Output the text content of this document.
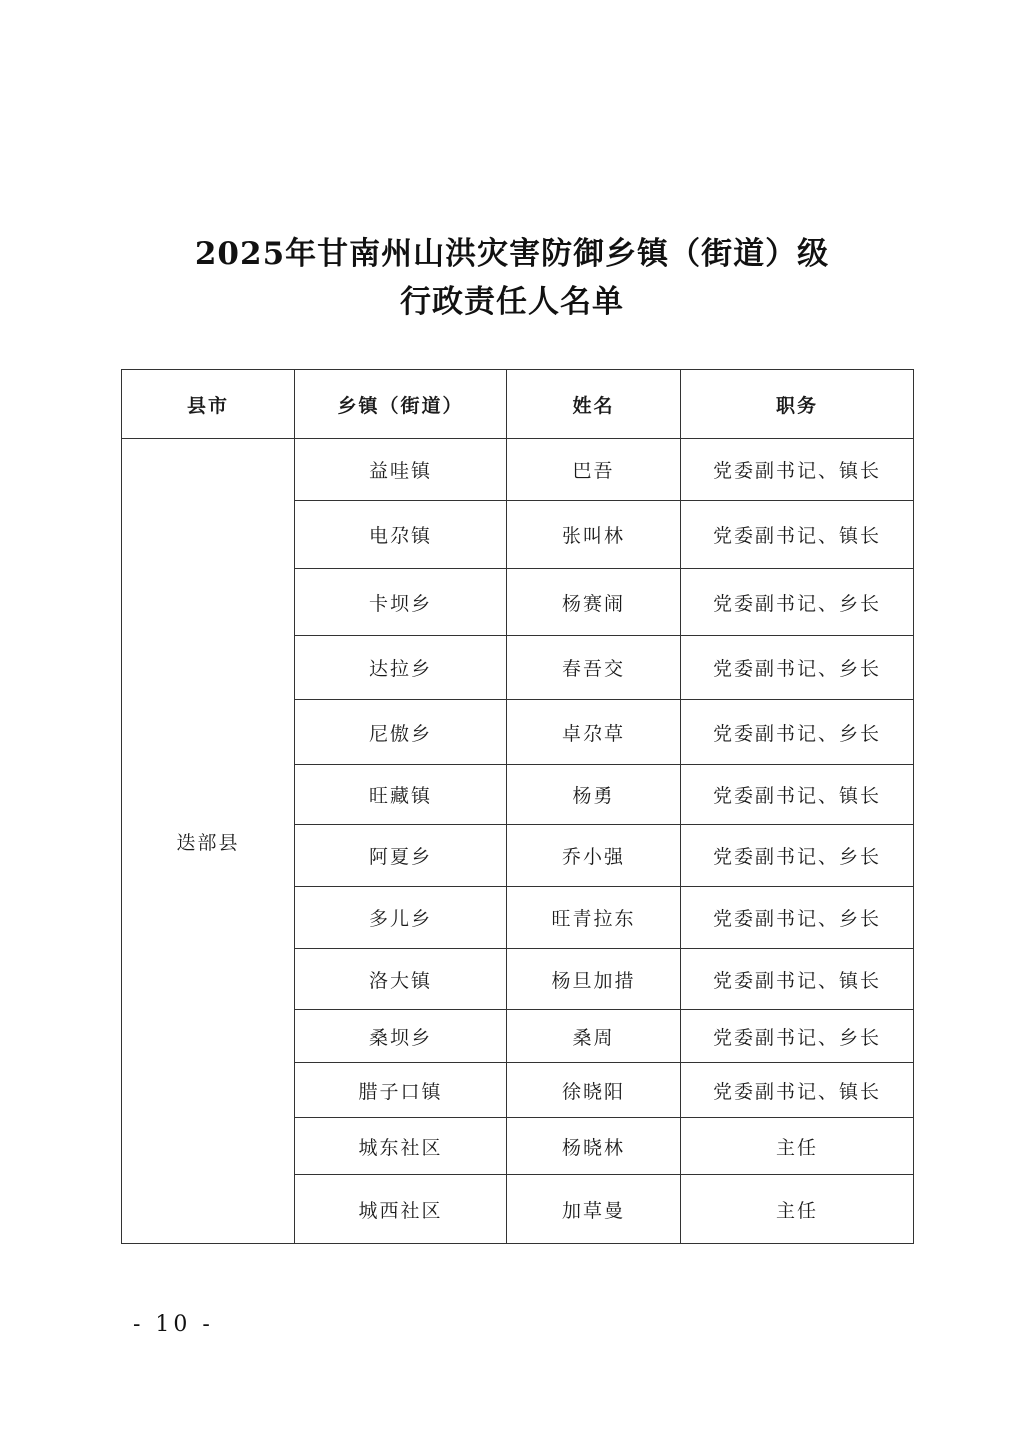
2025年甘南州山洪灾害防御乡镇（街道）级
行政责任人名单
县市	乡镇（街道）	姓名	职务
迭部县	益哇镇	巴吾	党委副书记、镇长
	电尕镇	张叫林	党委副书记、镇长
	卡坝乡	杨赛闹	党委副书记、乡长
	达拉乡	春吾交	党委副书记、乡长
	尼傲乡	卓尕草	党委副书记、乡长
	旺藏镇	杨勇	党委副书记、镇长
	阿夏乡	乔小强	党委副书记、乡长
	多儿乡	旺青拉东	党委副书记、乡长
	洛大镇	杨旦加措	党委副书记、镇长
	桑坝乡	桑周	党委副书记、乡长
	腊子口镇	徐晓阳	党委副书记、镇长
	城东社区	杨晓林	主任
	城西社区	加草曼	主任
- 10 -
